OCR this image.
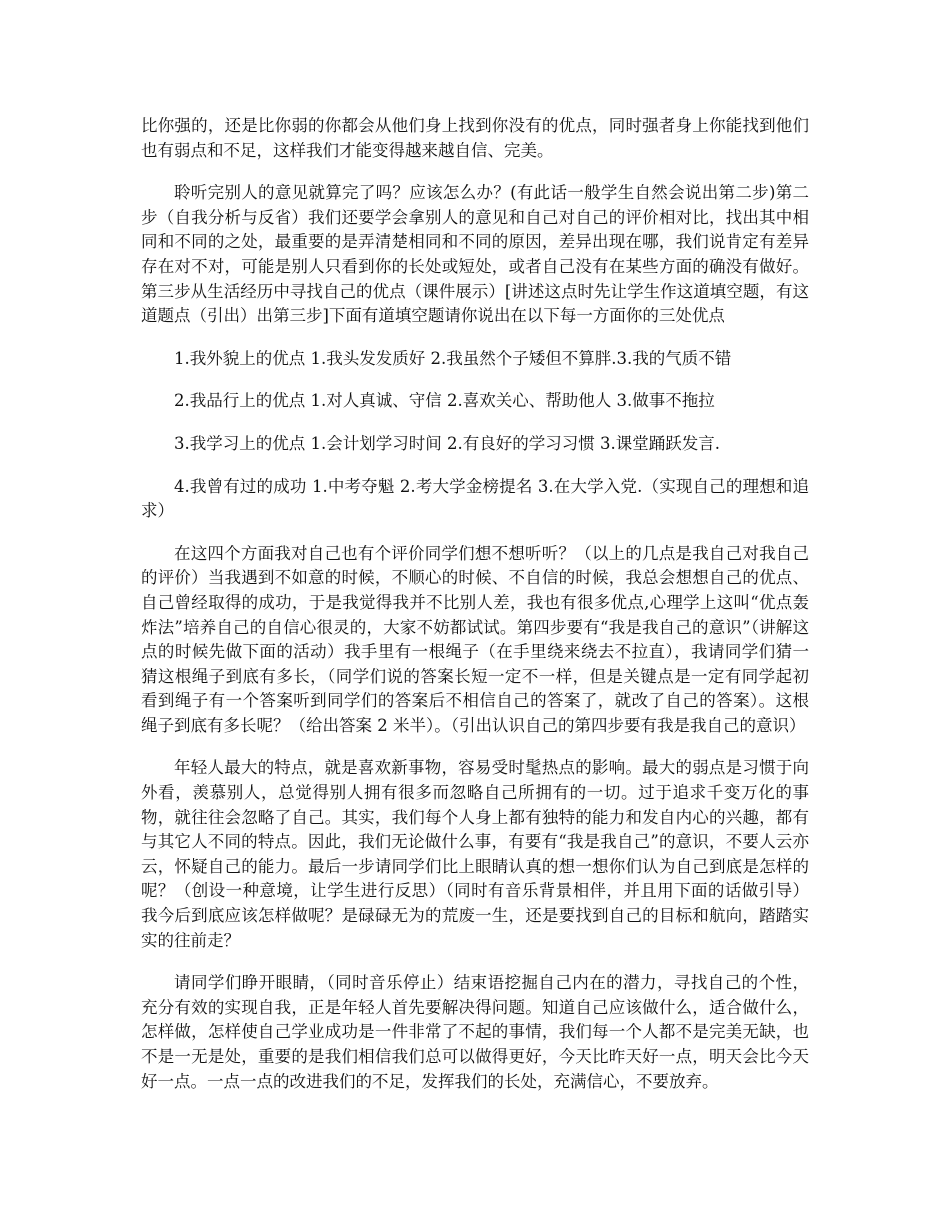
比你强的，还是比你弱的你都会从他们身上找到你没有的优点，同时强者身上你能找到他们也有弱点和不足，这样我们才能变得越来越自信、完美。

聆听完别人的意见就算完了吗？应该怎么办？(有此话一般学生自然会说出第二步)第二步（自我分析与反省）我们还要学会拿别人的意见和自己对自己的评价相对比，找出其中相同和不同的之处，最重要的是弄清楚相同和不同的原因，差异出现在哪，我们说肯定有差异存在对不对，可能是别人只看到你的长处或短处，或者自己没有在某些方面的确没有做好。第三步从生活经历中寻找自己的优点（课件展示）[讲述这点时先让学生作这道填空题，有这道题点（引出）出第三步]下面有道填空题请你说出在以下每一方面你的三处优点

1.我外貌上的优点 1.我头发发质好 2.我虽然个子矮但不算胖.3.我的气质不错

2.我品行上的优点 1.对人真诚、守信 2.喜欢关心、帮助他人 3.做事不拖拉

3.我学习上的优点 1.会计划学习时间 2.有良好的学习习惯 3.课堂踊跃发言.

4.我曾有过的成功 1.中考夺魁 2.考大学金榜提名 3.在大学入党.（实现自己的理想和追求）

在这四个方面我对自己也有个评价同学们想不想听听？（以上的几点是我自己对我自己的评价）当我遇到不如意的时候，不顺心的时候、不自信的时候，我总会想想自己的优点、自己曾经取得的成功，于是我觉得我并不比别人差，我也有很多优点,心理学上这叫“优点轰炸法”培养自己的自信心很灵的，大家不妨都试试。第四步要有“我是我自己的意识”（讲解这点的时候先做下面的活动）我手里有一根绳子（在手里绕来绕去不拉直），我请同学们猜一猜这根绳子到底有多长，（同学们说的答案长短一定不一样，但是关键点是一定有同学起初看到绳子有一个答案听到同学们的答案后不相信自己的答案了，就改了自己的答案）。这根绳子到底有多长呢？（给出答案 2 米半）。（引出认识自己的第四步要有我是我自己的意识）

年轻人最大的特点，就是喜欢新事物，容易受时髦热点的影响。最大的弱点是习惯于向外看，羡慕别人，总觉得别人拥有很多而忽略自己所拥有的一切。过于追求千变万化的事物，就往往会忽略了自己。其实，我们每个人身上都有独特的能力和发自内心的兴趣，都有与其它人不同的特点。因此，我们无论做什么事，有要有“我是我自己”的意识，不要人云亦云，怀疑自己的能力。最后一步请同学们比上眼睛认真的想一想你们认为自己到底是怎样的呢？（创设一种意境，让学生进行反思）（同时有音乐背景相伴，并且用下面的话做引导）我今后到底应该怎样做呢？是碌碌无为的荒废一生，还是要找到自己的目标和航向，踏踏实实的往前走？

请同学们睁开眼睛，（同时音乐停止）结束语挖掘自己内在的潜力，寻找自己的个性，充分有效的实现自我，正是年轻人首先要解决得问题。知道自己应该做什么，适合做什么，怎样做，怎样使自己学业成功是一件非常了不起的事情，我们每一个人都不是完美无缺，也不是一无是处，重要的是我们相信我们总可以做得更好，今天比昨天好一点，明天会比今天好一点。一点一点的改进我们的不足，发挥我们的长处，充满信心，不要放弃。
